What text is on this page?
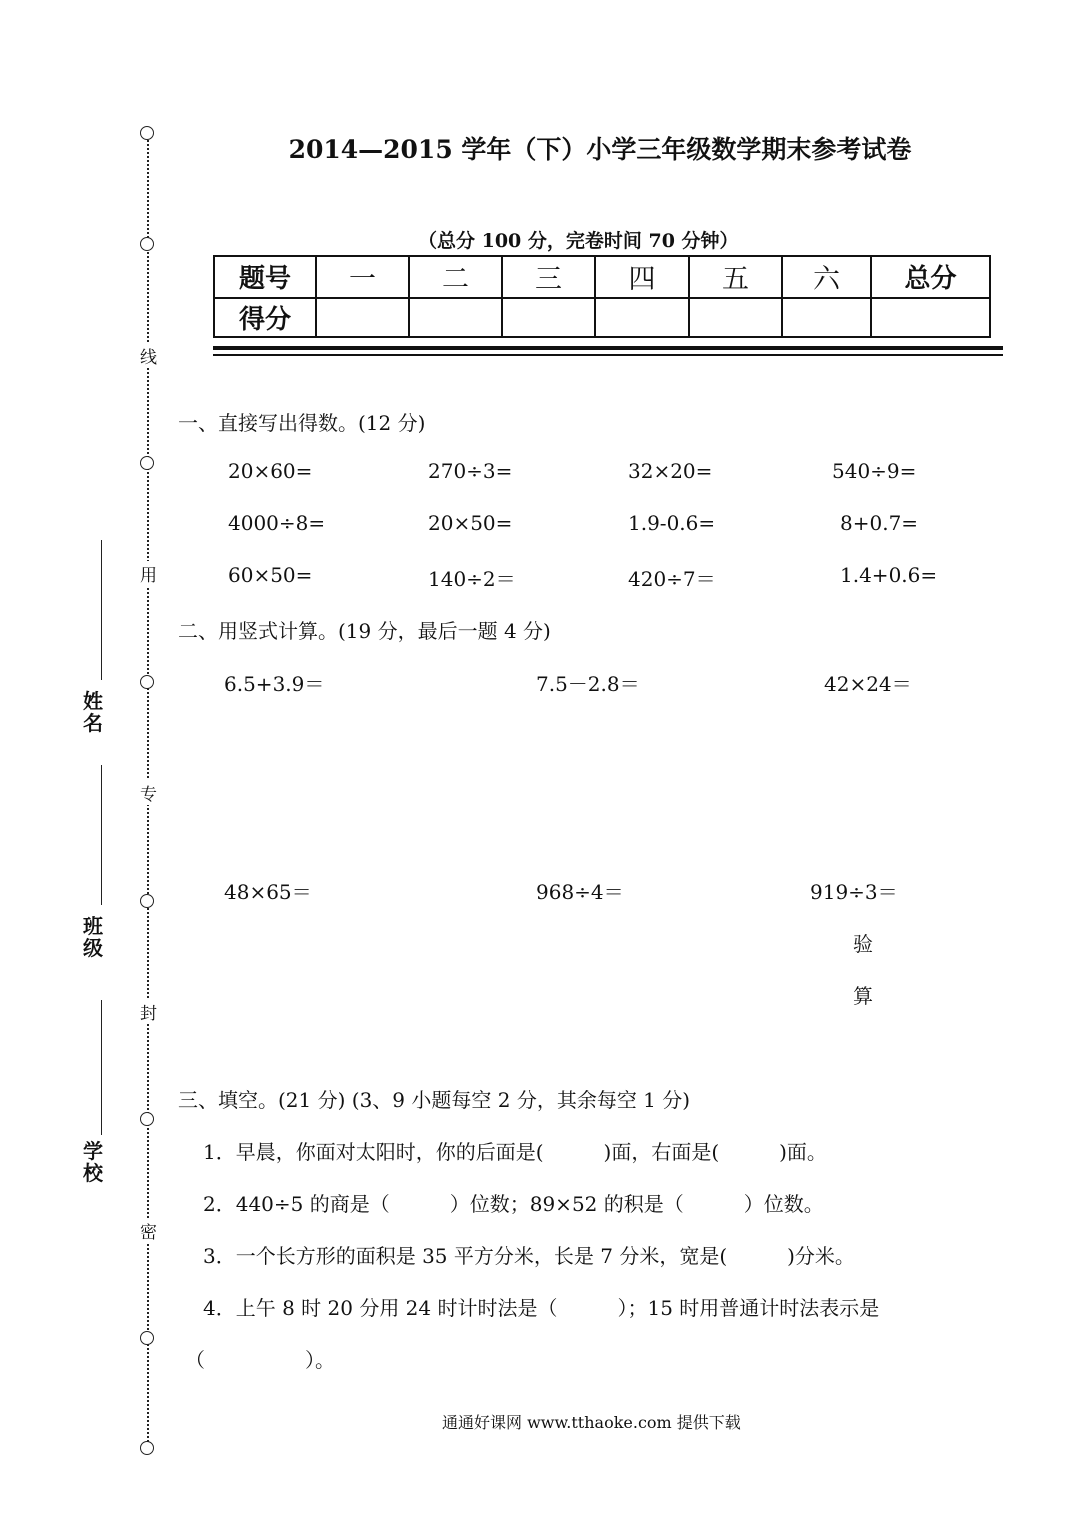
线
用
专
封
密
姓名
班级
学校
2014—2015 学年（下）小学三年级数学期末参考试卷
（总分 100 分，完卷时间 70 分钟）
题号	一	二	三	四	五	六	总分
得分							
一、直接写出得数。(12 分)
20×60=	270÷3=	32×20=	540÷9=
4000÷8=	20×50=	1.9-0.6=	8+0.7=
60×50=	140÷2＝	420÷7＝	1.4+0.6=
二、用竖式计算。(19 分，最后一题 4 分)
6.5+3.9＝	7.5－2.8＝	42×24＝
48×65＝	968÷4＝	919÷3＝
验
算
三、填空。(21 分) (3、9 小题每空 2 分，其余每空 1 分)
1．早晨，你面对太阳时，你的后面是(　　　)面，右面是(　　　)面。
2．440÷5 的商是（　　　）位数；89×52 的积是（　　　）位数。
3．一个长方形的面积是 35 平方分米，长是 7 分米，宽是(　　　)分米。
4．上午 8 时 20 分用 24 时计时法是（　　　）；15 时用普通计时法表示是
（　　　　　）。
通通好课网 www.tthaoke.com 提供下载
